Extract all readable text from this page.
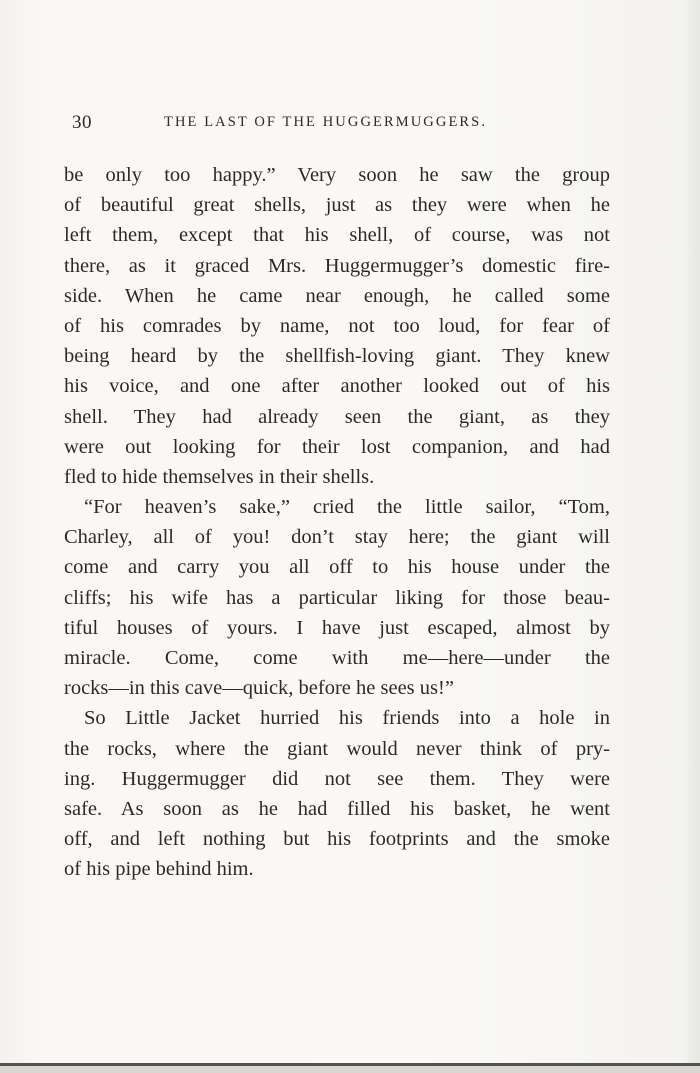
30	THE LAST OF THE HUGGERMUGGERS.
be only too happy.” Very soon he saw the group
of beautiful great shells, just as they were when he
left them, except that his shell, of course, was not
there, as it graced Mrs. Huggermugger’s domestic fire-
side. When he came near enough, he called some
of his comrades by name, not too loud, for fear of
being heard by the shellfish-loving giant. They knew
his voice, and one after another looked out of his
shell. They had already seen the giant, as they
were out looking for their lost companion, and had
fled to hide themselves in their shells.
“For heaven’s sake,” cried the little sailor, “Tom,
Charley, all of you! don’t stay here; the giant will
come and carry you all off to his house under the
cliffs; his wife has a particular liking for those beau-
tiful houses of yours. I have just escaped, almost by
miracle. Come, come with me—here—under the
rocks—in this cave—quick, before he sees us!”
So Little Jacket hurried his friends into a hole in
the rocks, where the giant would never think of pry-
ing. Huggermugger did not see them. They were
safe. As soon as he had filled his basket, he went
off, and left nothing but his footprints and the smoke
of his pipe behind him.
